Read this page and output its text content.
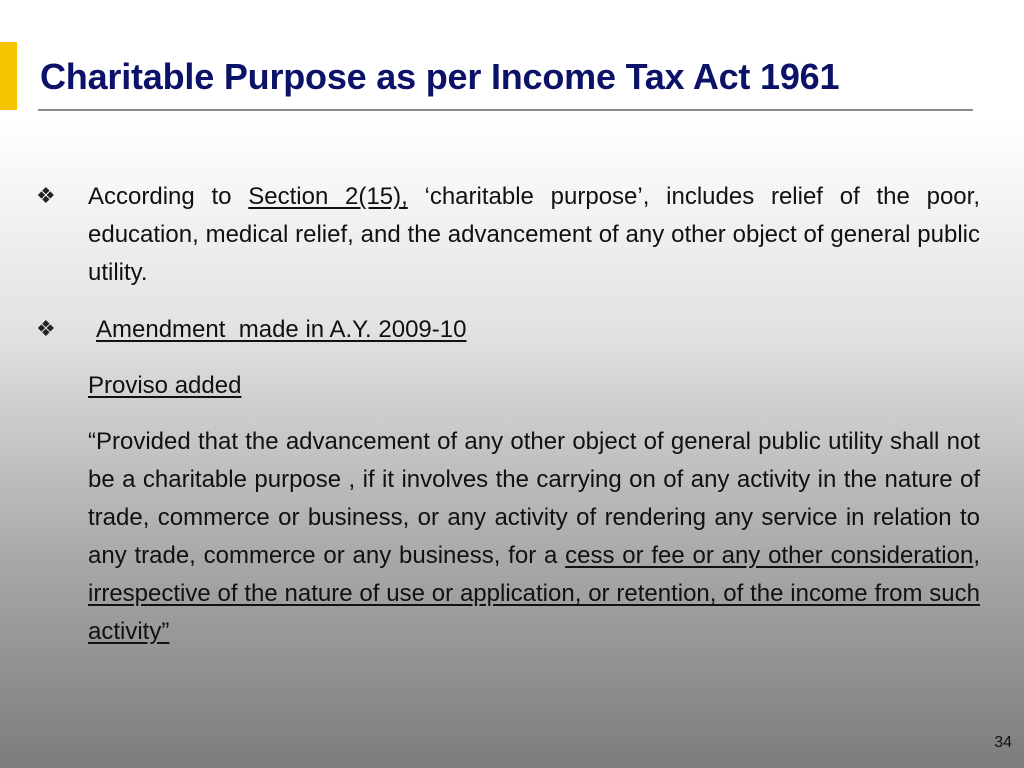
Charitable Purpose as per Income Tax Act 1961
❖	According to Section 2(15), ‘charitable purpose’, includes relief of the poor, education, medical relief, and the advancement of any other object of general public utility.

❖	Amendment  made in A.Y. 2009-10

Proviso added

“Provided that the advancement of any other object of general public utility shall not be a charitable purpose , if it involves the carrying on of any activity in the nature of trade, commerce or business, or any activity of rendering any service in relation to any trade, commerce or any business, for a cess or fee or any other consideration, irrespective of the nature of use or application, or retention, of the income from such activity”

34
